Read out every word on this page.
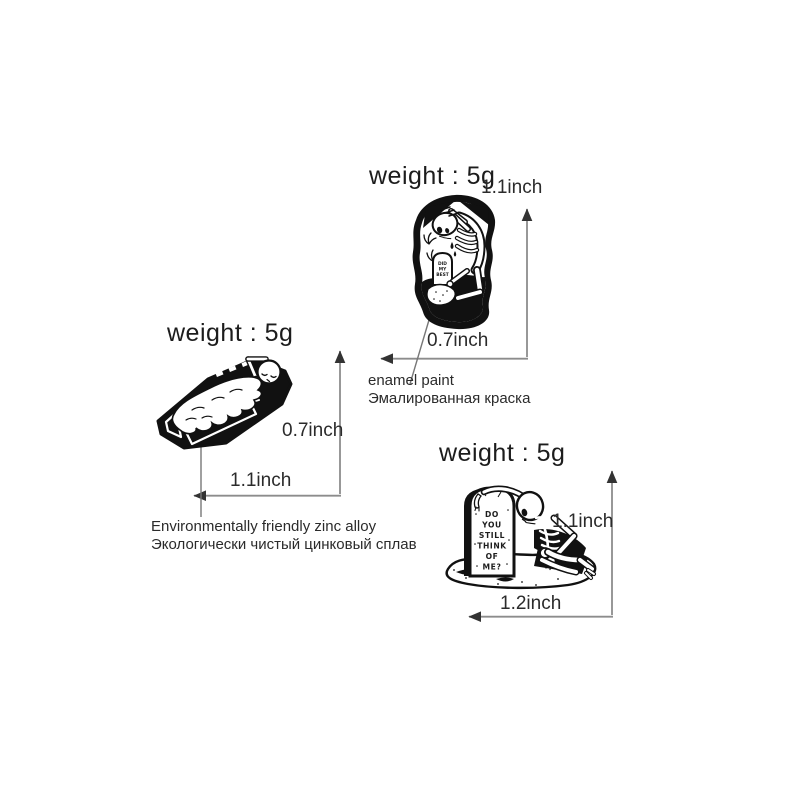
weight : 5g
1.1inch
0.7inch
enamel paint
Эмалированная краска
DID
MY
BEST
weight : 5g
0.7inch
1.1inch
Environmentally friendly zinc alloy
Экологически чистый цинковый сплав
weight : 5g
1.1inch
1.2inch
DO
YOU
STILL
THINK
OF
ME?
